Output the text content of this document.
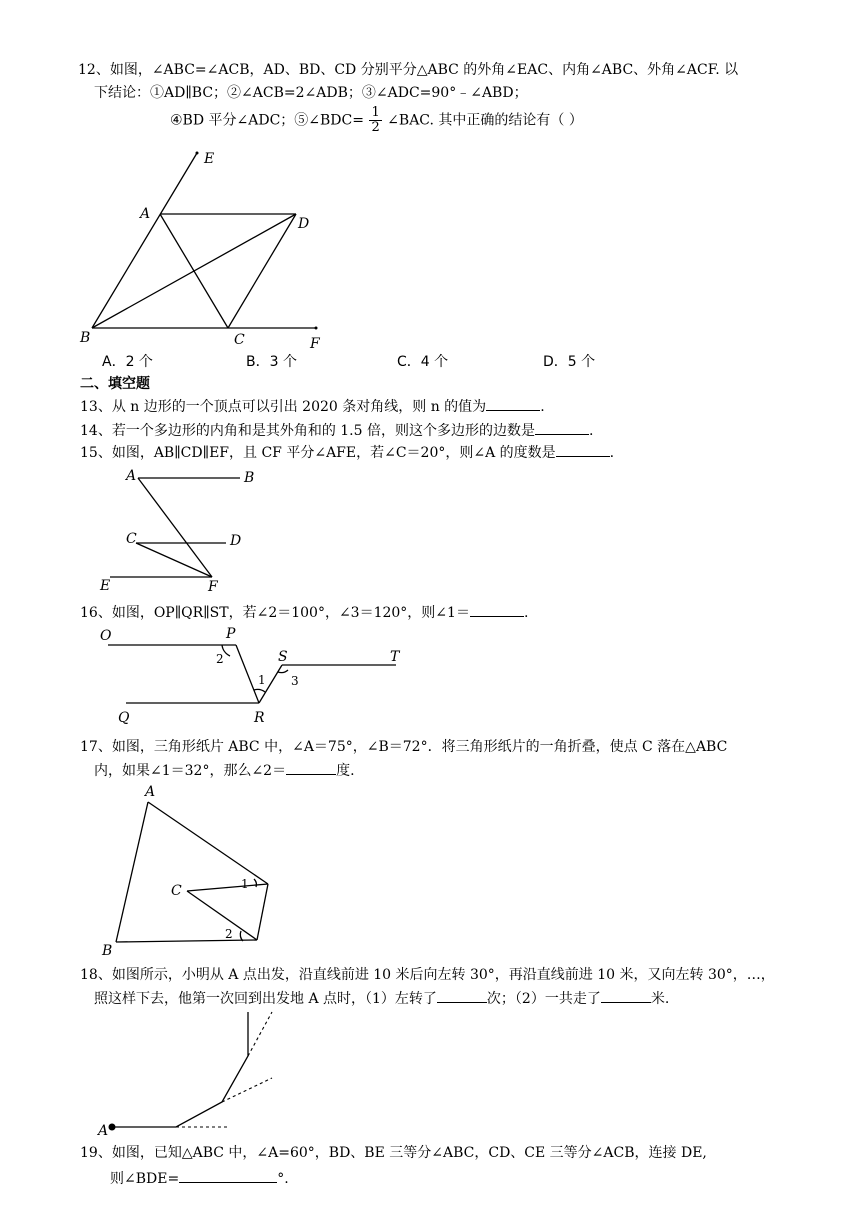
12、如图，∠ABC=∠ACB，AD、BD、CD 分别平分△ABC 的外角∠EAC、内角∠ABC、外角∠ACF. 以
下结论：①AD∥BC；②∠ACB=2∠ADB；③∠ADC=90°﹣∠ABD；
④BD 平分∠ADC；⑤∠BDC= $\frac{1}{2}$ ∠BAC. 其中正确的结论有（ ）
E
A
D
B	C	F
A．2 个	B．3 个	C．4 个	D．5 个
二、填空题
13、从 n 边形的一个顶点可以引出 2020 条对角线，则 n 的值为	.
14、若一个多边形的内角和是其外角和的 1.5 倍，则这个多边形的边数是	.
15、如图，AB∥CD∥EF，且 CF 平分∠AFE，若∠C＝20°，则∠A 的度数是	.
A	B
C	D
E	F
16、如图，OP∥QR∥ST，若∠2＝100°，∠3＝120°，则∠1＝	.
O	P
S	T
Q	R
1
2
3
17、如图，三角形纸片 ABC 中，∠A＝75°，∠B＝72°．将三角形纸片的一角折叠，使点 C 落在△ABC
内，如果∠1＝32°，那么∠2＝	度.
A
B
C	1
2
18、如图所示，小明从 A 点出发，沿直线前进 10 米后向左转 30°，再沿直线前进 10 米，又向左转 30°，…，
照这样下去，他第一次回到出发地 A 点时，（1）左转了	次；（2）一共走了	米.
A
19、如图，已知△ABC 中，∠A=60°，BD、BE 三等分∠ABC，CD、CE 三等分∠ACB，连接 DE,
则∠BDE=	°.
